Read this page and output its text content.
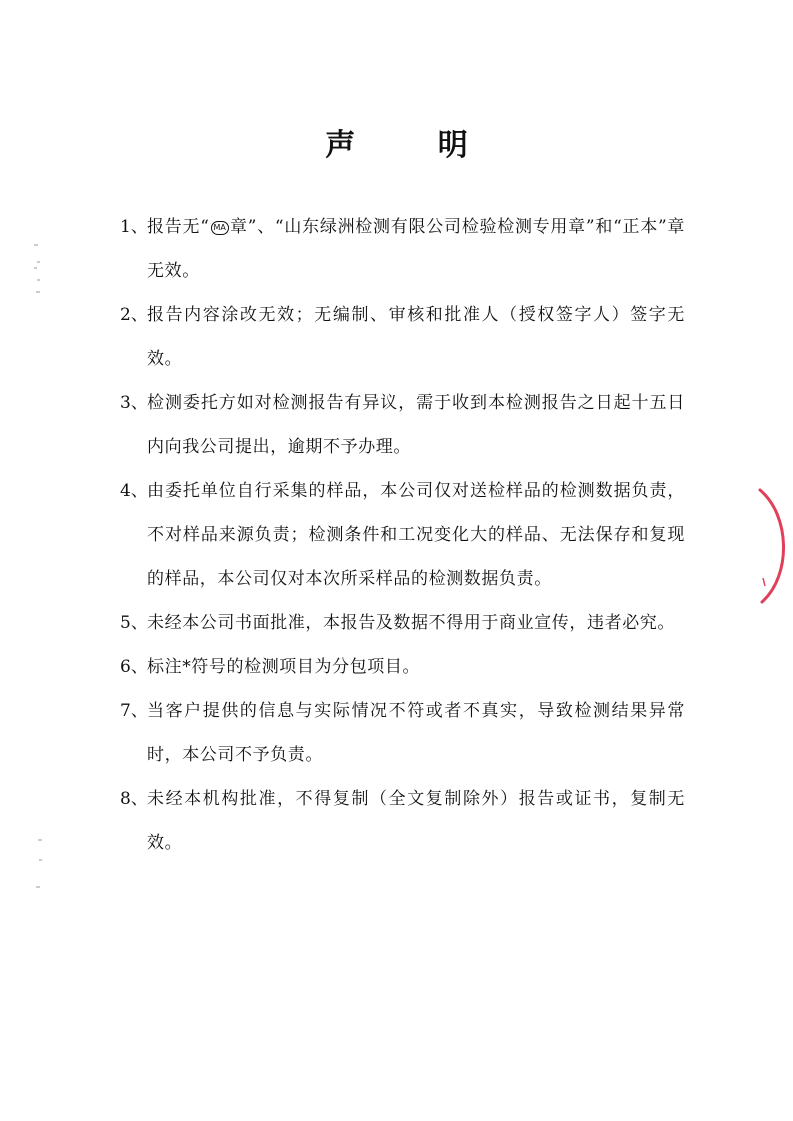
声 明
1、 报告无“ MA 章”、“山东绿洲检测有限公司检验检测专用章”和“正本”章无效。
2、 报告内容涂改无效；无编制、审核和批准人（授权签字人）签字无效。
3、 检测委托方如对检测报告有异议，需于收到本检测报告之日起十五日内向我公司提出，逾期不予办理。
4、 由委托单位自行采集的样品，本公司仅对送检样品的检测数据负责，不对样品来源负责；检测条件和工况变化大的样品、无法保存和复现的样品，本公司仅对本次所采样品的检测数据负责。
5、 未经本公司书面批准，本报告及数据不得用于商业宣传，违者必究。
6、 标注*符号的检测项目为分包项目。
7、 当客户提供的信息与实际情况不符或者不真实，导致检测结果异常时，本公司不予负责。
8、 未经本机构批准，不得复制（全文复制除外）报告或证书，复制无效。
